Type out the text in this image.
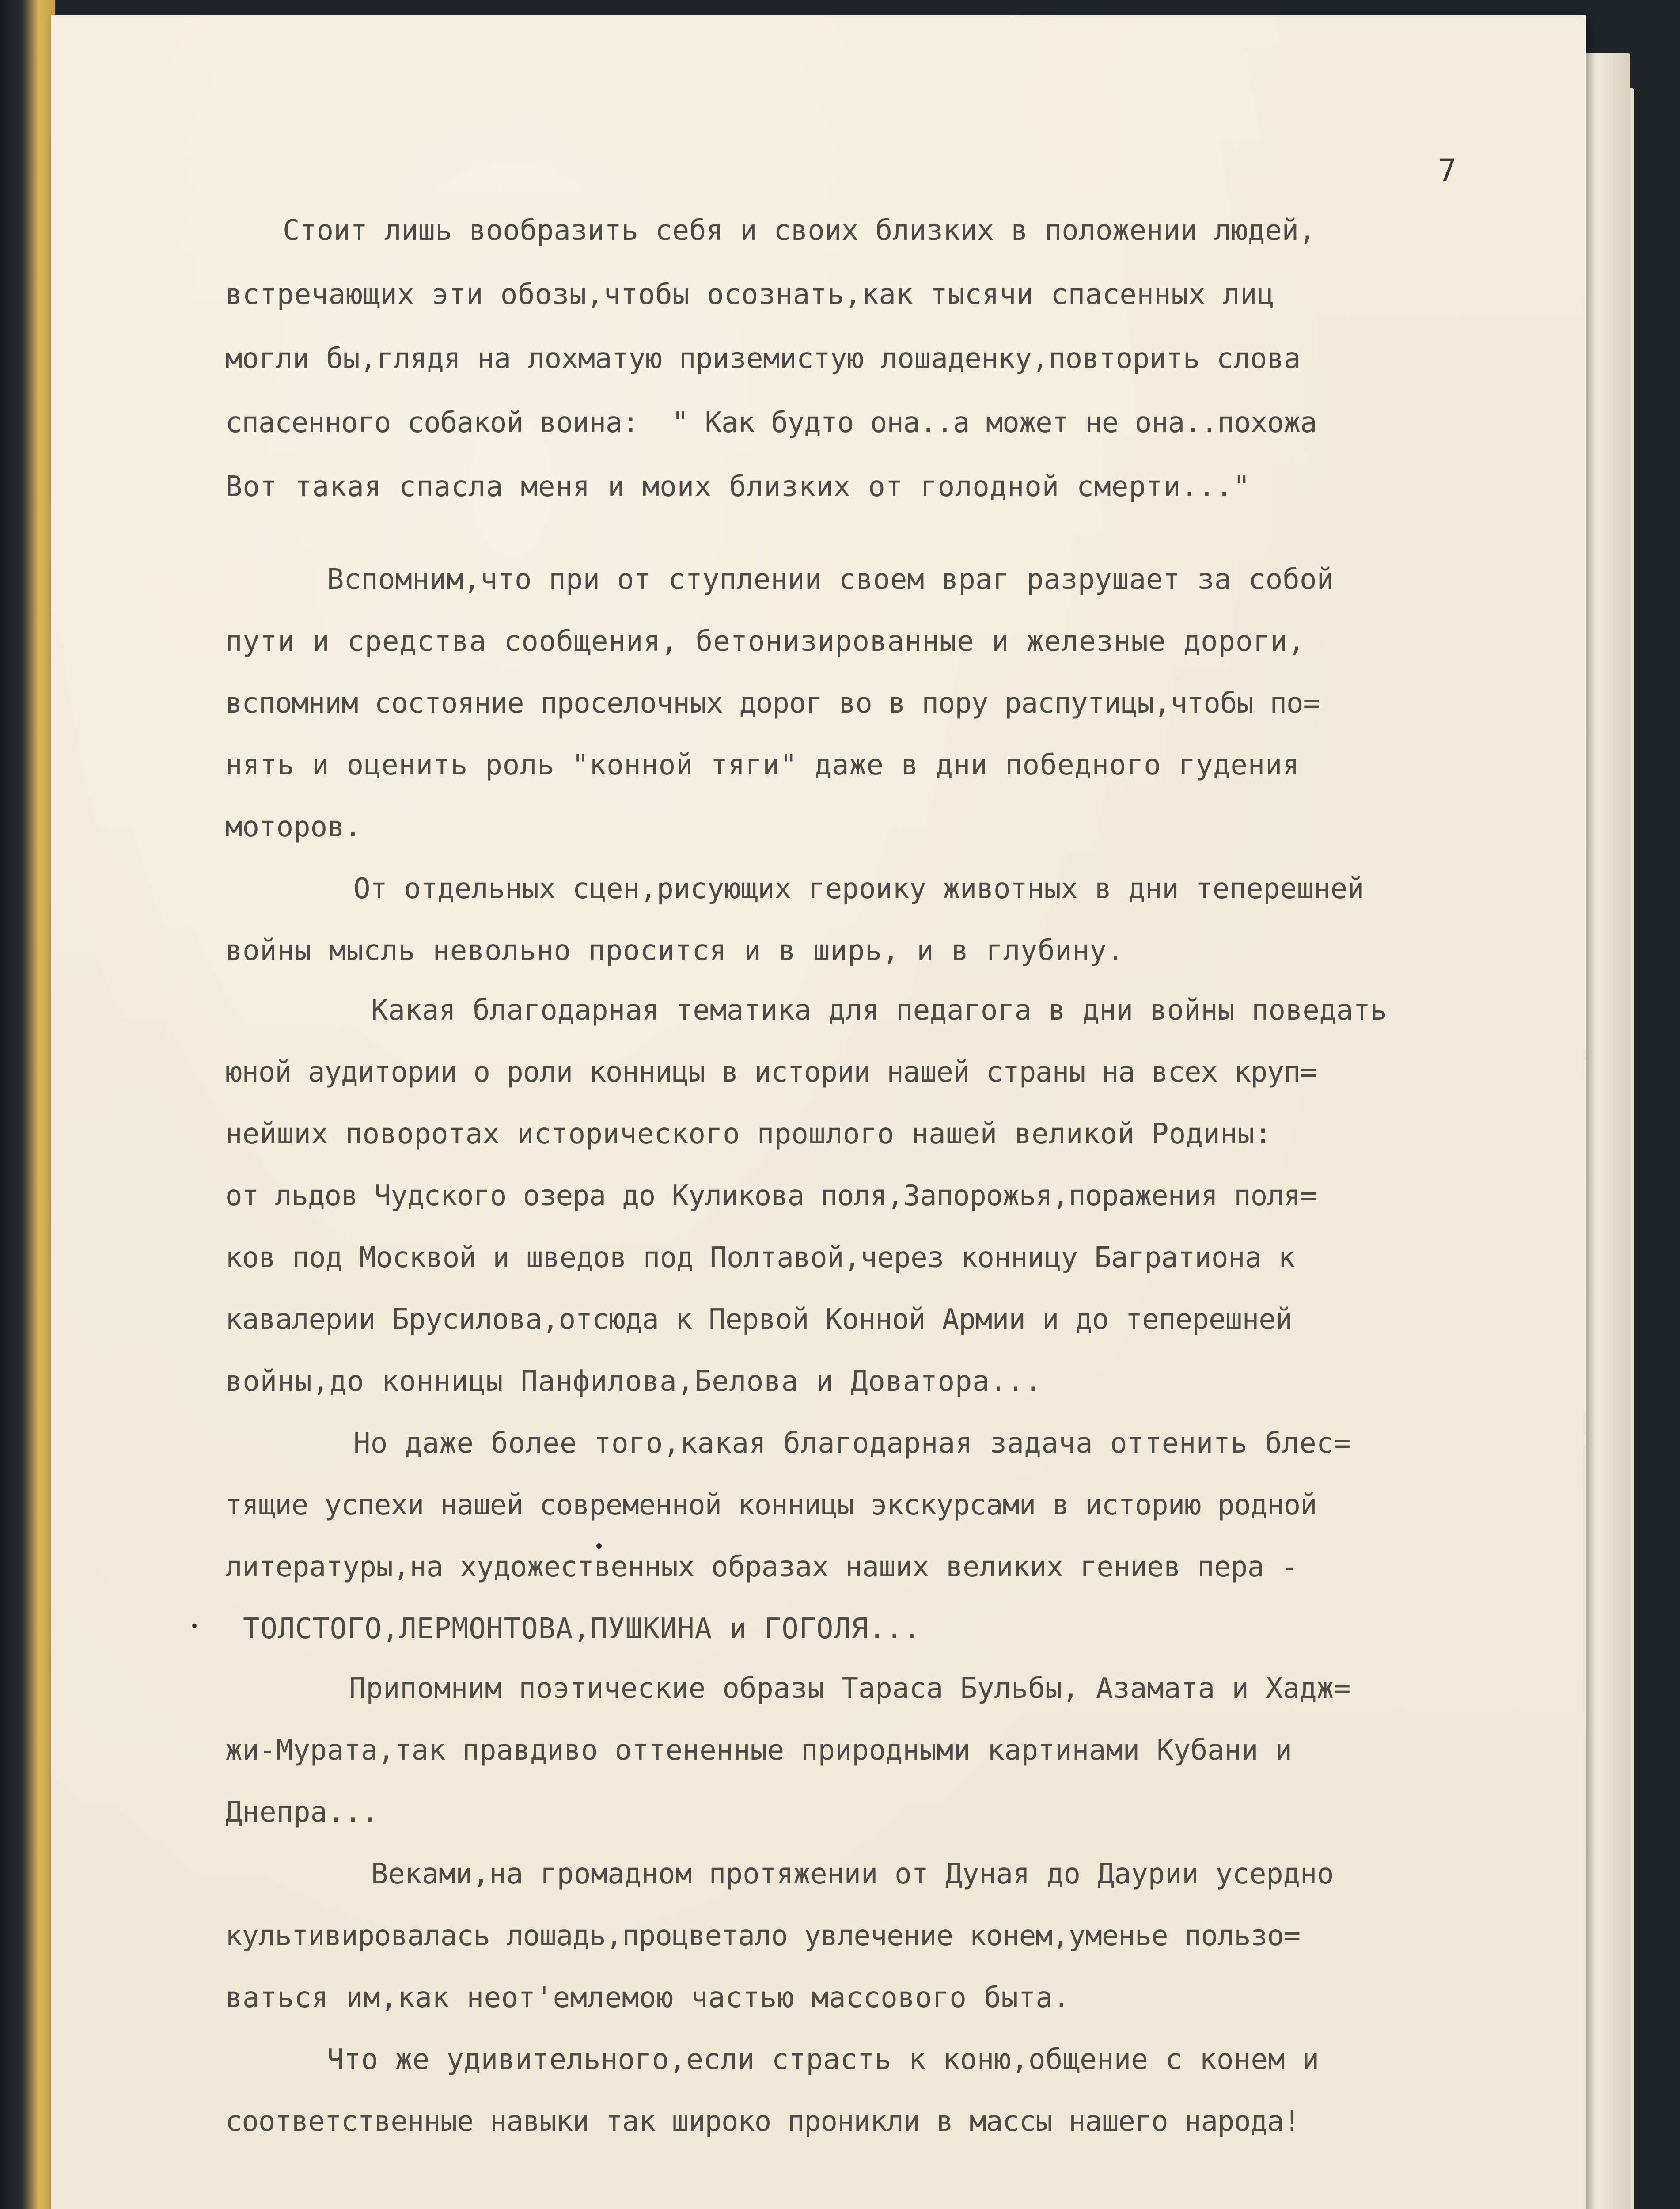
7
Стоит лишь вообразить себя и своих близких в положении людей,
встречающих эти обозы,чтобы осознать,как тысячи спасенных лиц
могли бы,глядя на лохматую приземистую лошаденку,повторить слова
спасенного собакой воина:  " Как будто она..а может не она..похожа
Вот такая спасла меня и моих близких от голодной смерти..."
Вспомним,что при от ступлении своем враг разрушает за собой
пути и средства сообщения, бетонизированные и железные дороги,
вспомним состояние проселочных дорог во в пору распутицы,чтобы по=
нять и оценить роль "конной тяги" даже в дни победного гудения
моторов.
От отдельных сцен,рисующих героику животных в дни теперешней
войны мысль невольно просится и в ширь, и в глубину.
Какая благодарная тематика для педагога в дни войны поведать
юной аудитории о роли конницы в истории нашей страны на всех круп=
нейших поворотах исторического прошлого нашей великой Родины:
от льдов Чудского озера до Куликова поля,Запорожья,поражения поля=
ков под Москвой и шведов под Полтавой,через конницу Багратиона к
кавалерии Брусилова,отсюда к Первой Конной Армии и до теперешней
войны,до конницы Панфилова,Белова и Доватора...
Но даже более того,какая благодарная задача оттенить блес=
тящие успехи нашей современной конницы экскурсами в историю родной
литературы,на художественных образах наших великих гениев пера -
ТОЛСТОГО,ЛЕРМОНТОВА,ПУШКИНА и ГОГОЛЯ...
Припомним поэтические образы Тараса Бульбы, Азамата и Хадж=
жи-Мурата,так правдиво оттененные природными картинами Кубани и
Днепра...
Веками,на громадном протяжении от Дуная до Даурии усердно
культивировалась лошадь,процветало увлечение конем,уменье пользо=
ваться им,как неот'емлемою частью массового быта.
Что же удивительного,если страсть к коню,общение с конем и
соответственные навыки так широко проникли в массы нашего народа!
